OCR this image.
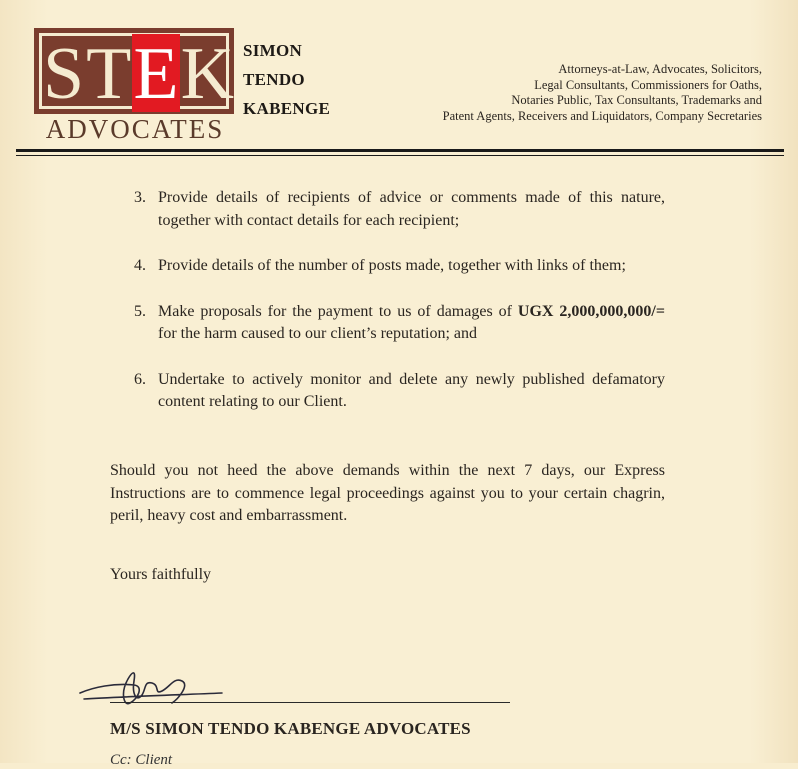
S T E K
ADVOCATES
SIMON
TENDO
KABENGE
Attorneys-at-Law, Advocates, Solicitors,
Legal Consultants, Commissioners for Oaths,
Notaries Public, Tax Consultants, Trademarks and
Patent Agents, Receivers and Liquidators, Company Secretaries
3. Provide details of recipients of advice or comments made of this nature, together with contact details for each recipient;
4. Provide details of the number of posts made, together with links of them;
5. Make proposals for the payment to us of damages of UGX 2,000,000,000/= for the harm caused to our client’s reputation; and
6. Undertake to actively monitor and delete any newly published defamatory content relating to our Client.
Should you not heed the above demands within the next 7 days, our Express Instructions are to commence legal proceedings against you to your certain chagrin, peril, heavy cost and embarrassment.
Yours faithfully
M/S SIMON TENDO KABENGE ADVOCATES
Cc: Client
